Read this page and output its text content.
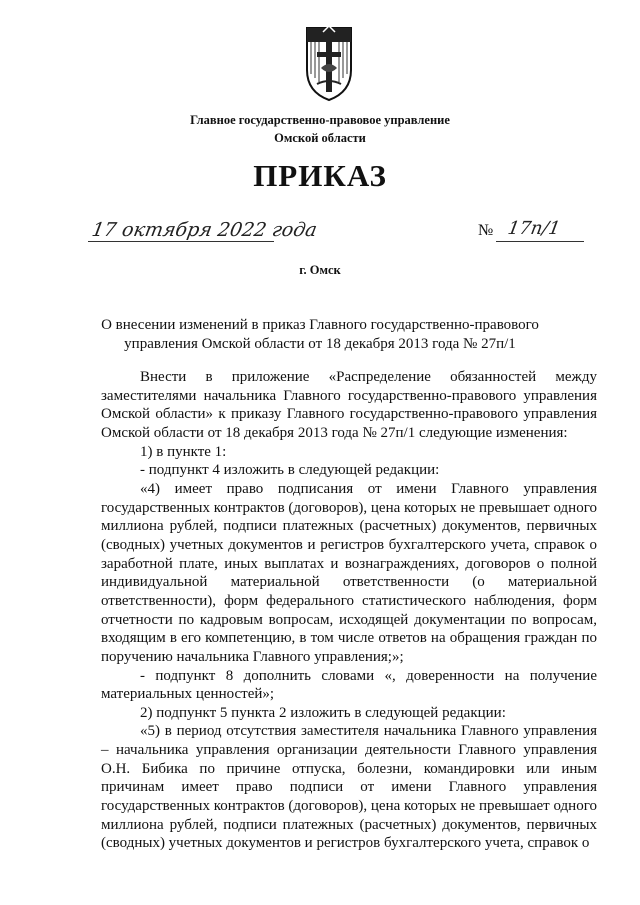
Главное государственно-правовое управление
Омской области
ПРИКАЗ
17 октября 2022 года	№ 17п/1
г. Омск
О внесении изменений в приказ Главного государственно-правового управления Омской области от 18 декабря 2013 года № 27п/1

Внести в приложение «Распределение обязанностей между заместителями начальника Главного государственно-правового управления Омской области» к приказу Главного государственно-правового управления Омской области от 18 декабря 2013 года № 27п/1 следующие изменения:

1) в пункте 1:

- подпункт 4 изложить в следующей редакции:

«4) имеет право подписания от имени Главного управления государственных контрактов (договоров), цена которых не превышает одного миллиона рублей, подписи платежных (расчетных) документов, первичных (сводных) учетных документов и регистров бухгалтерского учета, справок о заработной плате, иных выплатах и вознаграждениях, договоров о полной индивидуальной материальной ответственности (о материальной ответственности), форм федерального статистического наблюдения, форм отчетности по кадровым вопросам, исходящей документации по вопросам, входящим в его компетенцию, в том числе ответов на обращения граждан по поручению начальника Главного управления;»;

- подпункт 8 дополнить словами «, доверенности на получение материальных ценностей»;

2) подпункт 5 пункта 2 изложить в следующей редакции:

«5) в период отсутствия заместителя начальника Главного управления – начальника управления организации деятельности Главного управления О.Н. Бибика по причине отпуска, болезни, командировки или иным причинам имеет право подписи от имени Главного управления государственных контрактов (договоров), цена которых не превышает одного миллиона рублей, подписи платежных (расчетных) документов, первичных (сводных) учетных документов и регистров бухгалтерского учета, справок о
